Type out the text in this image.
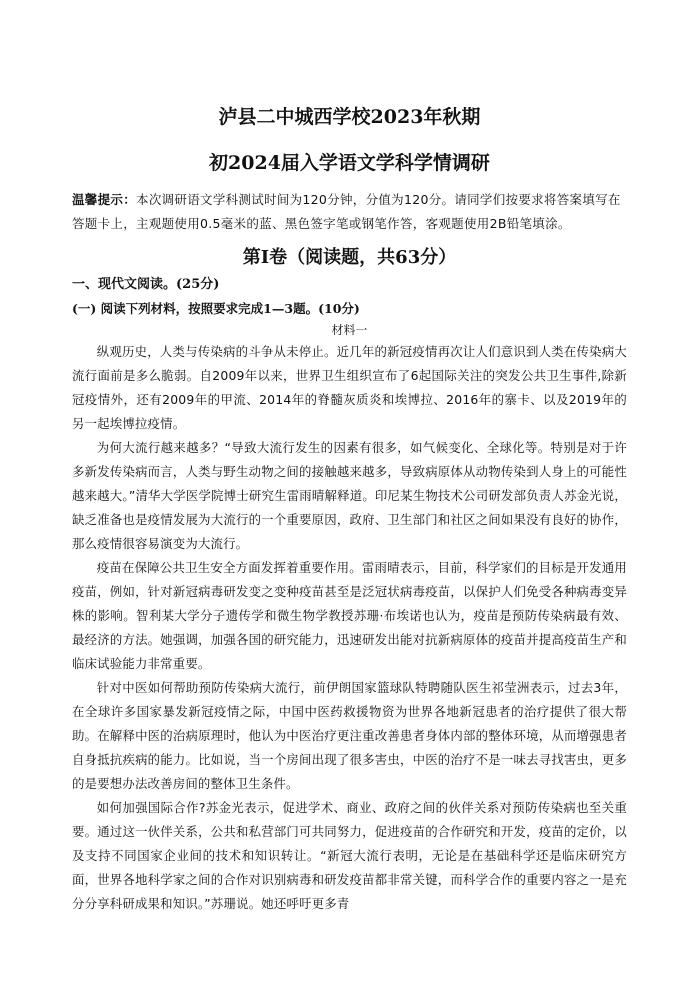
泸县二中城西学校2023年秋期
初2024届入学语文学科学情调研
温馨提示：本次调研语文学科测试时间为120分钟，分值为120分。请同学们按要求将答案填写在答题卡上，主观题使用0.5毫米的蓝、黑色签字笔或钢笔作答，客观题使用2B铅笔填涂。
第Ⅰ卷（阅读题，共63分）
一、现代文阅读。(25分)
(一) 阅读下列材料，按照要求完成1—3题。(10分)
材料一

纵观历史，人类与传染病的斗争从未停止。近几年的新冠疫情再次让人们意识到人类在传染病大流行面前是多么脆弱。自2009年以来，世界卫生组织宣布了6起国际关注的突发公共卫生事件,除新冠疫情外，还有2009年的甲流、2014年的脊髓灰质炎和埃博拉、2016年的寨卡、以及2019年的另一起埃博拉疫情。

为何大流行越来越多？“导致大流行发生的因素有很多，如气候变化、全球化等。特别是对于许多新发传染病而言，人类与野生动物之间的接触越来越多，导致病原体从动物传染到人身上的可能性越来越大。”清华大学医学院博士研究生雷雨晴解释道。印尼某生物技术公司研发部负责人苏金光说，缺乏准备也是疫情发展为大流行的一个重要原因，政府、卫生部门和社区之间如果没有良好的协作，那么疫情很容易演变为大流行。

疫苗在保障公共卫生安全方面发挥着重要作用。雷雨晴表示，目前，科学家们的目标是开发通用疫苗，例如，针对新冠病毒研发变之变种疫苗甚至是泛冠状病毒疫苗，以保护人们免受各种病毒变异株的影响。智利某大学分子遗传学和微生物学教授苏珊·布埃诺也认为，疫苗是预防传染病最有效、最经济的方法。她强调，加强各国的研究能力，迅速研发出能对抗新病原体的疫苗并提高疫苗生产和临床试验能力非常重要。

针对中医如何帮助预防传染病大流行，前伊朗国家篮球队特聘随队医生祁莹洲表示，过去3年，在全球许多国家暴发新冠疫情之际，中国中医药救援物资为世界各地新冠患者的治疗提供了很大帮助。在解释中医的治病原理时，他认为中医治疗更注重改善患者身体内部的整体环境，从而增强患者自身抵抗疾病的能力。比如说，当一个房间出现了很多害虫，中医的治疗不是一味去寻找害虫，更多的是要想办法改善房间的整体卫生条件。

如何加强国际合作?苏金光表示，促进学术、商业、政府之间的伙伴关系对预防传染病也至关重要。通过这一伙伴关系，公共和私营部门可共同努力，促进疫苗的合作研究和开发，疫苗的定价，以及支持不同国家企业间的技术和知识转让。“新冠大流行表明，无论是在基础科学还是临床研究方面，世界各地科学家之间的合作对识别病毒和研发疫苗都非常关键，而科学合作的重要内容之一是充分分享科研成果和知识。”苏珊说。她还呼吁更多青
